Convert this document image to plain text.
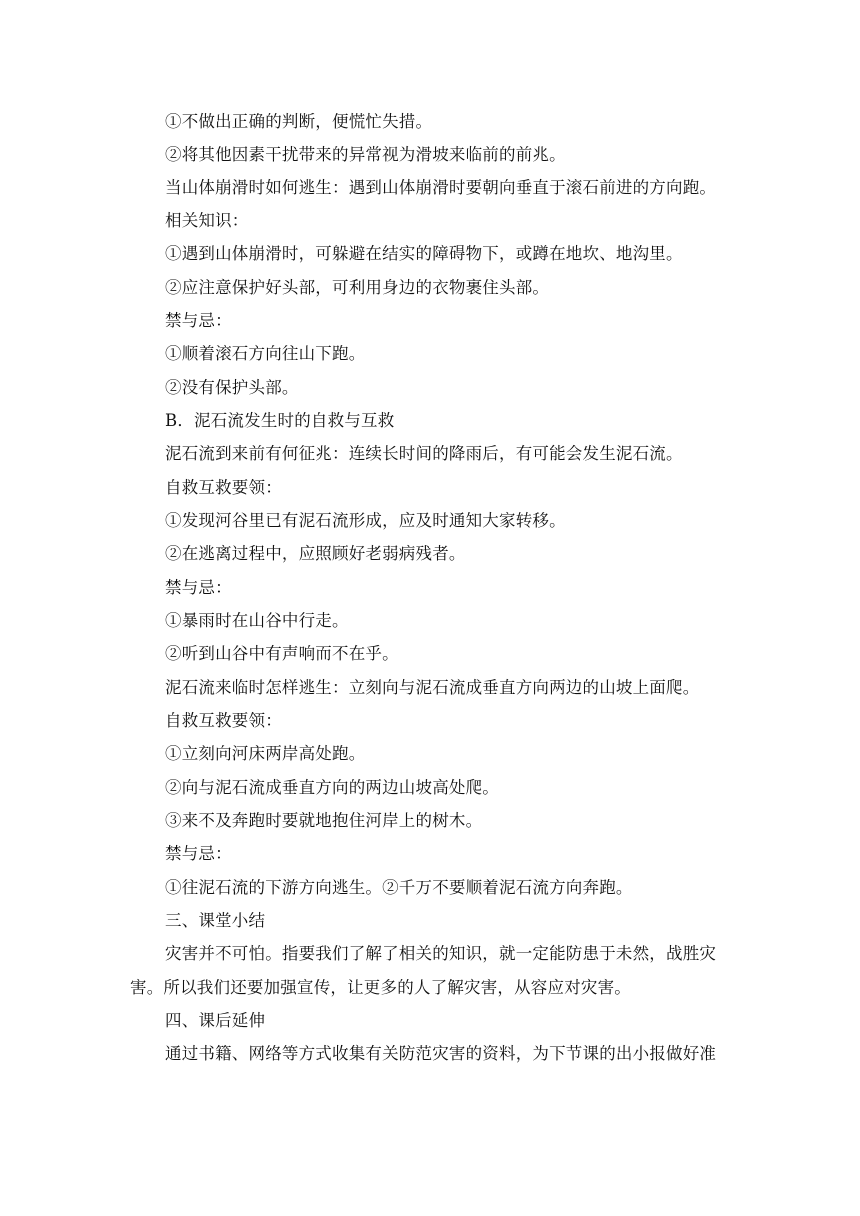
①不做出正确的判断，便慌忙失措。
②将其他因素干扰带来的异常视为滑坡来临前的前兆。
当山体崩滑时如何逃生：遇到山体崩滑时要朝向垂直于滚石前进的方向跑。
相关知识：
①遇到山体崩滑时，可躲避在结实的障碍物下，或蹲在地坎、地沟里。
②应注意保护好头部，可利用身边的衣物裹住头部。
禁与忌：
①顺着滚石方向往山下跑。
②没有保护头部。
B．泥石流发生时的自救与互救
泥石流到来前有何征兆：连续长时间的降雨后，有可能会发生泥石流。
自救互救要领：
①发现河谷里已有泥石流形成，应及时通知大家转移。
②在逃离过程中，应照顾好老弱病残者。
禁与忌：
①暴雨时在山谷中行走。
②听到山谷中有声响而不在乎。
泥石流来临时怎样逃生：立刻向与泥石流成垂直方向两边的山坡上面爬。
自救互救要领：
①立刻向河床两岸高处跑。
②向与泥石流成垂直方向的两边山坡高处爬。
③来不及奔跑时要就地抱住河岸上的树木。
禁与忌：
①往泥石流的下游方向逃生。②千万不要顺着泥石流方向奔跑。
三、课堂小结
灾害并不可怕。指要我们了解了相关的知识，就一定能防患于未然，战胜灾
害。所以我们还要加强宣传，让更多的人了解灾害，从容应对灾害。
四、课后延伸
通过书籍、网络等方式收集有关防范灾害的资料，为下节课的出小报做好准
